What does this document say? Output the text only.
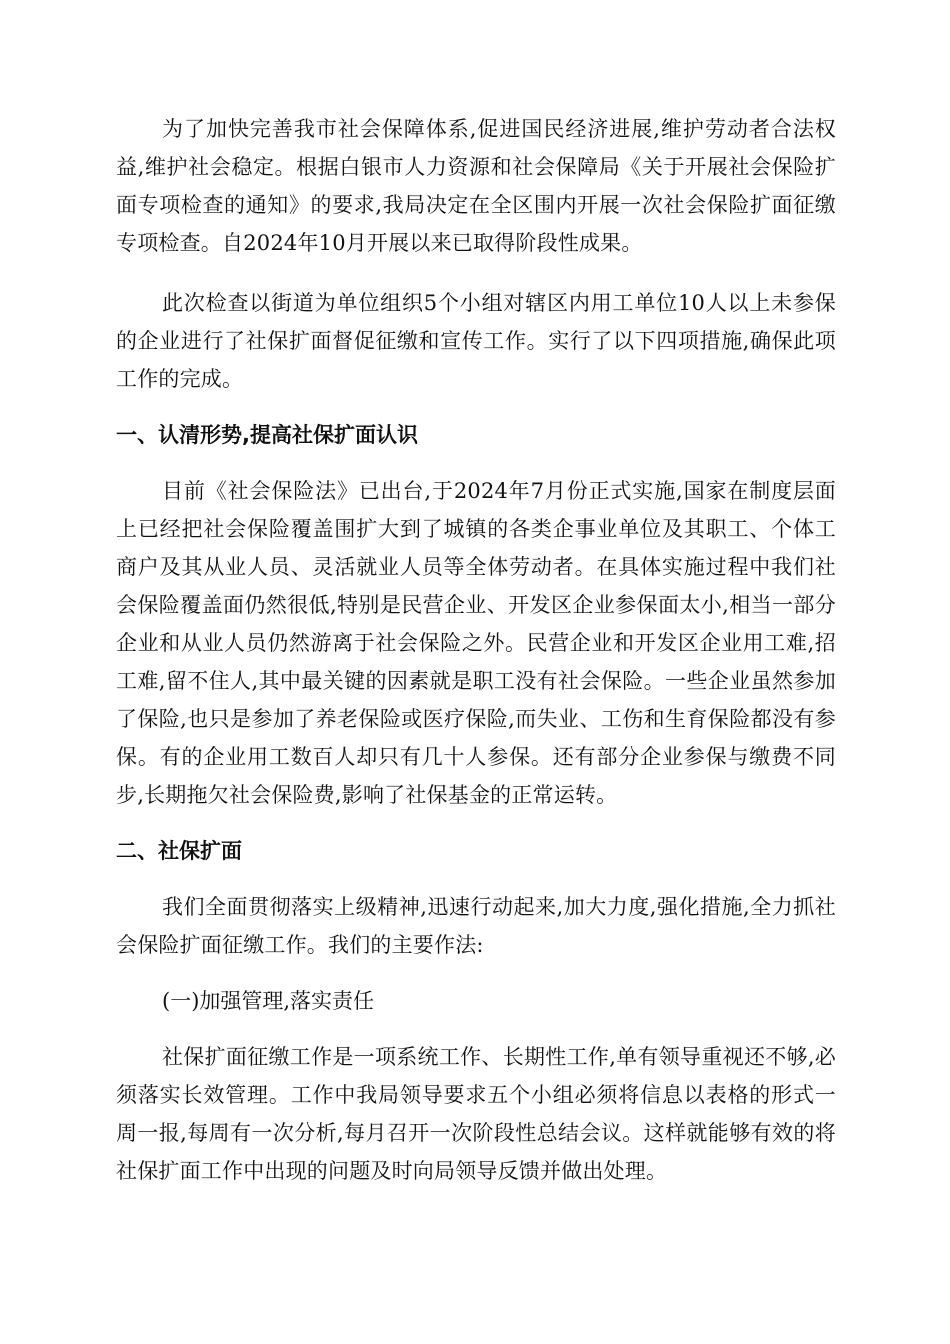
为了加快完善我市社会保障体系,促进国民经济进展,维护劳动者合法权益,维护社会稳定。根据白银市人力资源和社会保障局《关于开展社会保险扩面专项检查的通知》的要求,我局决定在全区围内开展一次社会保险扩面征缴专项检查。自2024年10月开展以来已取得阶段性成果。

此次检查以街道为单位组织5个小组对辖区内用工单位10人以上未参保的企业进行了社保扩面督促征缴和宣传工作。实行了以下四项措施,确保此项工作的完成。

一、认清形势,提高社保扩面认识

目前《社会保险法》已出台,于2024年7月份正式实施,国家在制度层面上已经把社会保险覆盖围扩大到了城镇的各类企事业单位及其职工、个体工商户及其从业人员、灵活就业人员等全体劳动者。在具体实施过程中我们社会保险覆盖面仍然很低,特别是民营企业、开发区企业参保面太小,相当一部分企业和从业人员仍然游离于社会保险之外。民营企业和开发区企业用工难,招工难,留不住人,其中最关键的因素就是职工没有社会保险。一些企业虽然参加了保险,也只是参加了养老保险或医疗保险,而失业、工伤和生育保险都没有参保。有的企业用工数百人却只有几十人参保。还有部分企业参保与缴费不同步,长期拖欠社会保险费,影响了社保基金的正常运转。

二、社保扩面

我们全面贯彻落实上级精神,迅速行动起来,加大力度,强化措施,全力抓社会保险扩面征缴工作。我们的主要作法:

(一)加强管理,落实责任

社保扩面征缴工作是一项系统工作、长期性工作,单有领导重视还不够,必须落实长效管理。工作中我局领导要求五个小组必须将信息以表格的形式一周一报,每周有一次分析,每月召开一次阶段性总结会议。这样就能够有效的将社保扩面工作中出现的问题及时向局领导反馈并做出处理。
